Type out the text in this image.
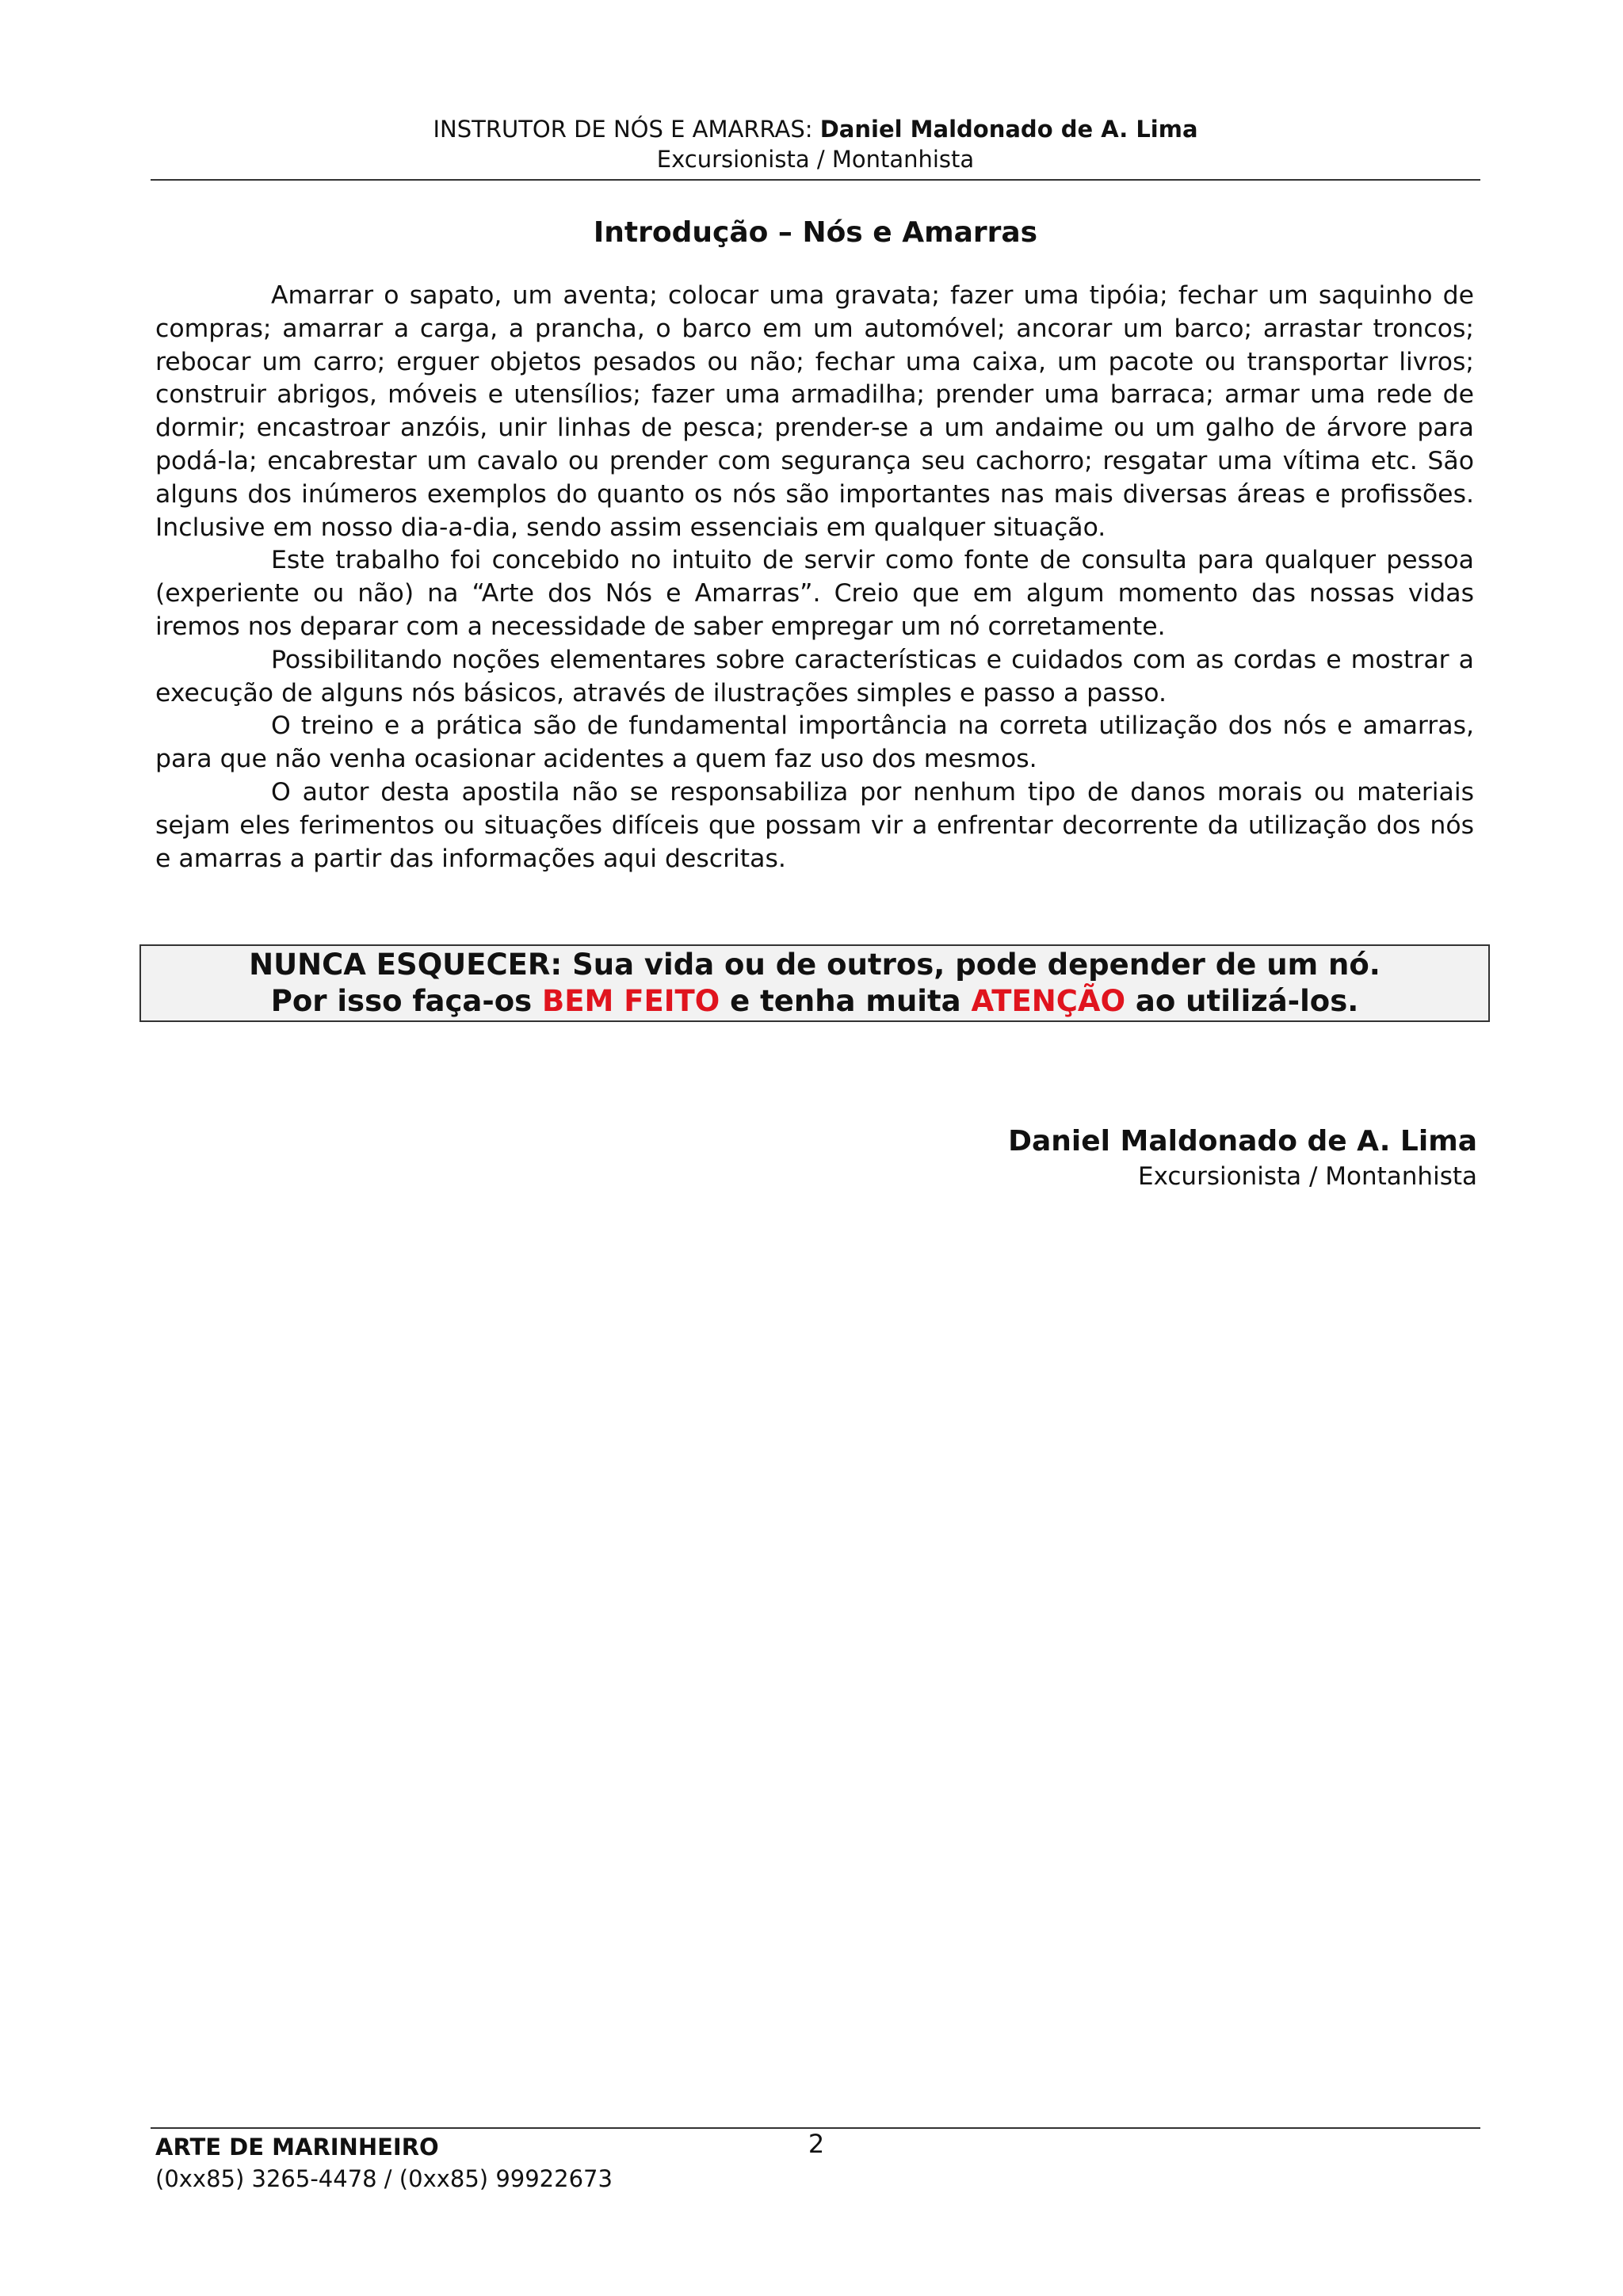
INSTRUTOR DE NÓS E AMARRAS: Daniel Maldonado de A. Lima
Excursionista / Montanhista
Introdução – Nós e Amarras

Amarrar o sapato, um aventa; colocar uma gravata; fazer uma tipóia; fechar um saquinho de compras; amarrar a carga, a prancha, o barco em um automóvel; ancorar um barco; arrastar troncos; rebocar um carro; erguer objetos pesados ou não; fechar uma caixa, um pacote ou transportar livros; construir abrigos, móveis e utensílios; fazer uma armadilha; prender uma barraca; armar uma rede de dormir; encastroar anzóis, unir linhas de pesca; prender-se a um andaime ou um galho de árvore para podá-la; encabrestar um cavalo ou prender com segurança seu cachorro; resgatar uma vítima etc. São alguns dos inúmeros exemplos do quanto os nós são importantes nas mais diversas áreas e profissões. Inclusive em nosso dia-a-dia, sendo assim essenciais em qualquer situação.

Este trabalho foi concebido no intuito de servir como fonte de consulta para qualquer pessoa (experiente ou não) na “Arte dos Nós e Amarras”. Creio que em algum momento das nossas vidas iremos nos deparar com a necessidade de saber empregar um nó corretamente.

Possibilitando noções elementares sobre características e cuidados com as cordas e mostrar a execução de alguns nós básicos, através de ilustrações simples e passo a passo.

O treino e a prática são de fundamental importância na correta utilização dos nós e amarras, para que não venha ocasionar acidentes a quem faz uso dos mesmos.

O autor desta apostila não se responsabiliza por nenhum tipo de danos morais ou materiais sejam eles ferimentos ou situações difíceis que possam vir a enfrentar decorrente da utilização dos nós e amarras a partir das informações aqui descritas.

NUNCA ESQUECER: Sua vida ou de outros, pode depender de um nó.
Por isso faça-os BEM FEITO e tenha muita ATENÇÃO ao utilizá-los.
Daniel Maldonado de A. Lima
Excursionista / Montanhista
ARTE DE MARINHEIRO
(0xx85) 3265-4478 / (0xx85) 99922673
2
